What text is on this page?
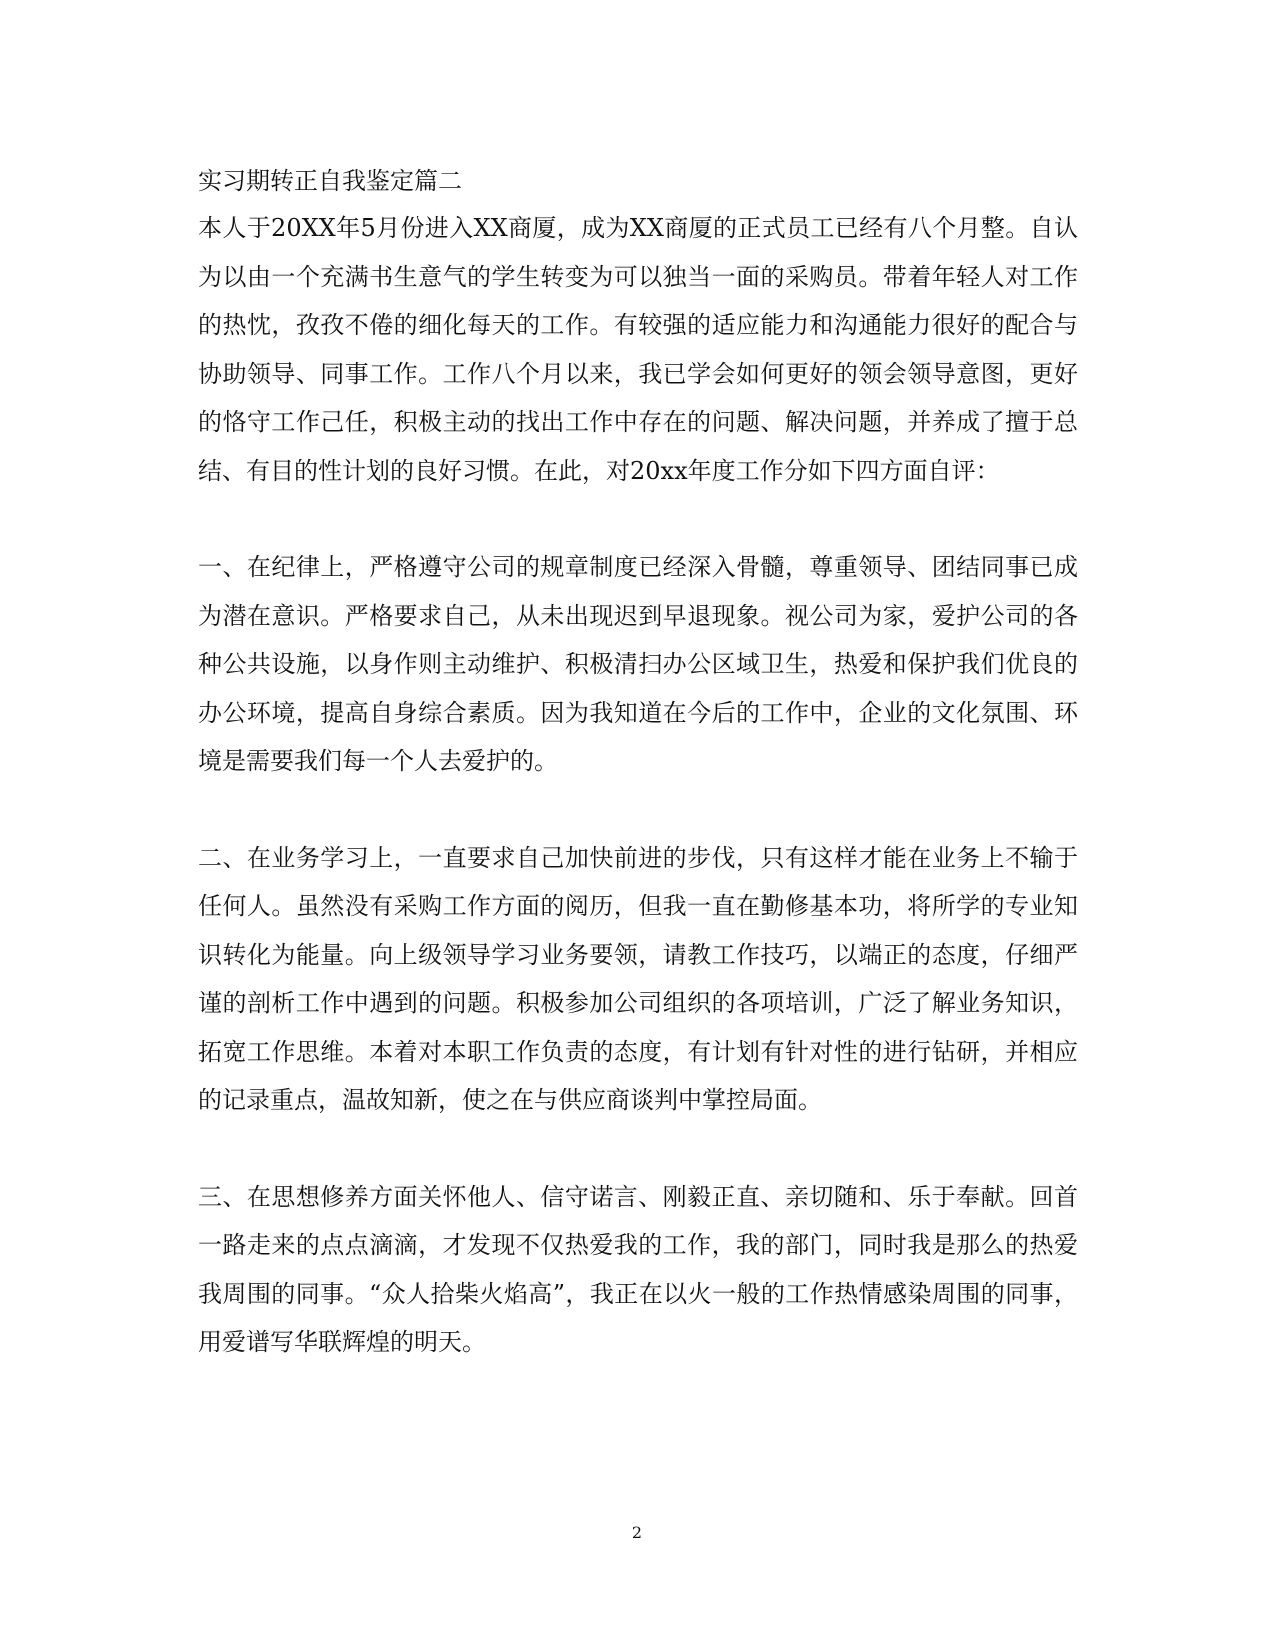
实习期转正自我鉴定篇二

本人于20XX年5月份进入XX商厦，成为XX商厦的正式员工已经有八个月整。自认为以由一个充满书生意气的学生转变为可以独当一面的采购员。带着年轻人对工作的热忱，孜孜不倦的细化每天的工作。有较强的适应能力和沟通能力很好的配合与协助领导、同事工作。工作八个月以来，我已学会如何更好的领会领导意图，更好的恪守工作己任，积极主动的找出工作中存在的问题、解决问题，并养成了擅于总结、有目的性计划的良好习惯。在此，对20xx年度工作分如下四方面自评：

一、在纪律上，严格遵守公司的规章制度已经深入骨髓，尊重领导、团结同事已成为潜在意识。严格要求自己，从未出现迟到早退现象。视公司为家，爱护公司的各种公共设施，以身作则主动维护、积极清扫办公区域卫生，热爱和保护我们优良的办公环境，提高自身综合素质。因为我知道在今后的工作中，企业的文化氛围、环境是需要我们每一个人去爱护的。

二、在业务学习上，一直要求自己加快前进的步伐，只有这样才能在业务上不输于任何人。虽然没有采购工作方面的阅历，但我一直在勤修基本功，将所学的专业知识转化为能量。向上级领导学习业务要领，请教工作技巧，以端正的态度，仔细严谨的剖析工作中遇到的问题。积极参加公司组织的各项培训，广泛了解业务知识，拓宽工作思维。本着对本职工作负责的态度，有计划有针对性的进行钻研，并相应的记录重点，温故知新，使之在与供应商谈判中掌控局面。

三、在思想修养方面关怀他人、信守诺言、刚毅正直、亲切随和、乐于奉献。回首一路走来的点点滴滴，才发现不仅热爱我的工作，我的部门，同时我是那么的热爱我周围的同事。“众人拾柴火焰高”，我正在以火一般的工作热情感染周围的同事，用爱谱写华联辉煌的明天。

2
